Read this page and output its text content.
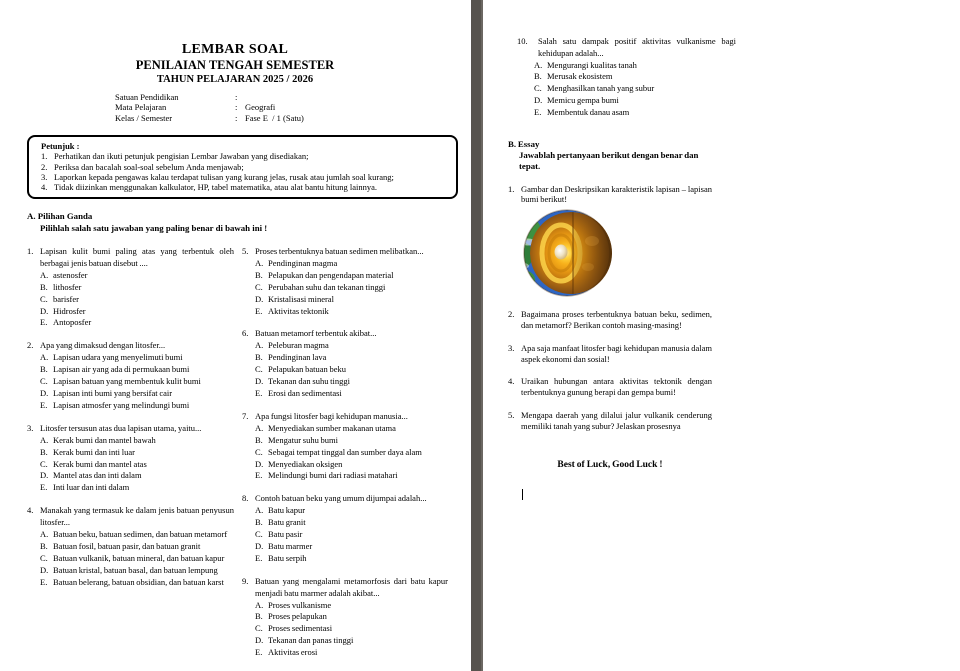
LEMBAR SOAL
PENILAIAN TENGAH SEMESTER
TAHUN PELAJARAN 2025 / 2026
Satuan Pendidikan	:
Mata Pelajaran	: Geografi
Kelas / Semester	: Fase E  / 1 (Satu)
Petunjuk :
1. Perhatikan dan ikuti petunjuk pengisian Lembar Jawaban yang disediakan;
2. Periksa dan bacalah soal-soal sebelum Anda menjawab;
3. Laporkan kepada pengawas kalau terdapat tulisan yang kurang jelas, rusak atau jumlah soal kurang;
4. Tidak diizinkan menggunakan kalkulator, HP, tabel matematika, atau alat bantu hitung lainnya.
A. Pilihan Ganda
Pilihlah salah satu jawaban yang paling benar di bawah ini !
1. Lapisan kulit bumi paling atas yang terbentuk oleh berbagai jenis batuan disebut ....
A. astenosfer
B. lithosfer
C. barisfer
D. Hidrosfer
E. Antoposfer
2. Apa yang dimaksud dengan litosfer...
A. Lapisan udara yang menyelimuti bumi
B. Lapisan air yang ada di permukaan bumi
C. Lapisan batuan yang membentuk kulit bumi
D. Lapisan inti bumi yang bersifat cair
E. Lapisan atmosfer yang melindungi bumi
3. Litosfer tersusun atas dua lapisan utama, yaitu...
A. Kerak bumi dan mantel bawah
B. Kerak bumi dan inti luar
C. Kerak bumi dan mantel atas
D. Mantel atas dan inti dalam
E. Inti luar dan inti dalam
4. Manakah yang termasuk ke dalam jenis batuan penyusun litosfer...
A. Batuan beku, batuan sedimen, dan batuan metamorf
B. Batuan fosil, batuan pasir, dan batuan granit
C. Batuan vulkanik, batuan mineral, dan batuan kapur
D. Batuan kristal, batuan basal, dan batuan lempung
E. Batuan belerang, batuan obsidian, dan batuan karst
5. Proses terbentuknya batuan sedimen melibatkan...
A. Pendinginan magma
B. Pelapukan dan pengendapan material
C. Perubahan suhu dan tekanan tinggi
D. Kristalisasi mineral
E. Aktivitas tektonik
6. Batuan metamorf terbentuk akibat...
A. Peleburan magma
B. Pendinginan lava
C. Pelapukan batuan beku
D. Tekanan dan suhu tinggi
E. Erosi dan sedimentasi
7. Apa fungsi litosfer bagi kehidupan manusia...
A. Menyediakan sumber makanan utama
B. Mengatur suhu bumi
C. Sebagai tempat tinggal dan sumber daya alam
D. Menyediakan oksigen
E. Melindungi bumi dari radiasi matahari
8. Contoh batuan beku yang umum dijumpai adalah...
A. Batu kapur
B. Batu granit
C. Batu pasir
D. Batu marmer
E. Batu serpih
9. Batuan yang mengalami metamorfosis dari batu kapur menjadi batu marmer adalah akibat...
A. Proses vulkanisme
B. Proses pelapukan
C. Proses sedimentasi
D. Tekanan dan panas tinggi
E. Aktivitas erosi
10.	Salah satu dampak positif aktivitas vulkanisme bagi kehidupan adalah...
A. Mengurangi kualitas tanah
B. Merusak ekosistem
C. Menghasilkan tanah yang subur
D. Memicu gempa bumi
E. Membentuk danau asam
B. Essay
Jawablah pertanyaan berikut dengan benar dan tepat.
1. Gambar dan Deskripsikan karakteristik lapisan – lapisan bumi berikut!
2. Bagaimana proses terbentuknya batuan beku, sedimen, dan metamorf? Berikan contoh masing-masing!
3. Apa saja manfaat litosfer bagi kehidupan manusia dalam aspek ekonomi dan sosial!
4. Uraikan hubungan antara aktivitas tektonik dengan terbentuknya gunung berapi dan gempa bumi!
5. Mengapa daerah yang dilalui jalur vulkanik cenderung memiliki tanah yang subur? Jelaskan prosesnya
Best of Luck, Good Luck !
